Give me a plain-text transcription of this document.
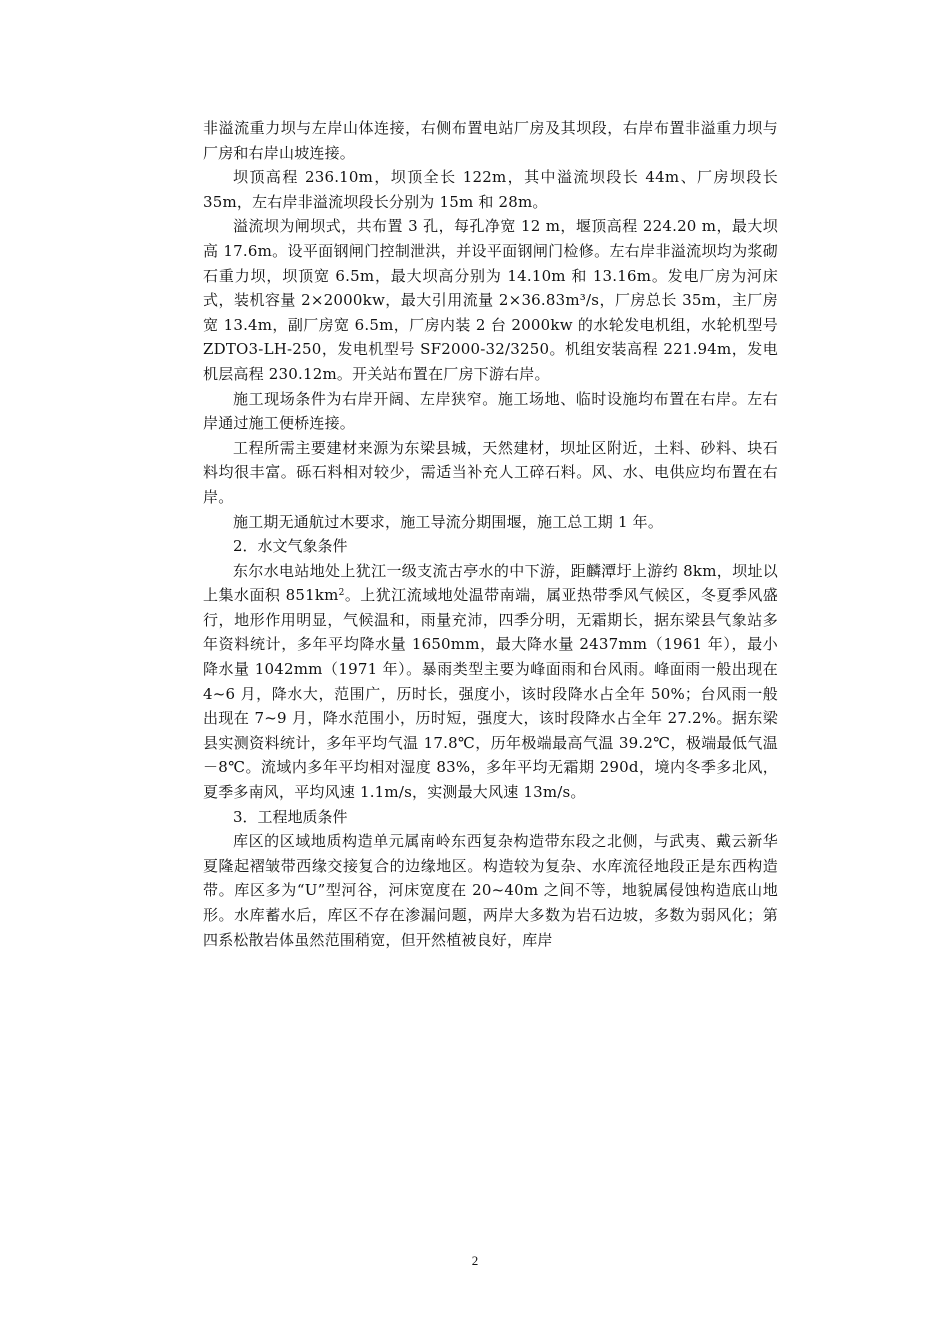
非溢流重力坝与左岸山体连接，右侧布置电站厂房及其坝段，右岸布置非溢重力坝与厂房和右岸山坡连接。

坝顶高程 236.10m，坝顶全长 122m，其中溢流坝段长 44m、厂房坝段长 35m，左右岸非溢流坝段长分别为 15m 和 28m。

溢流坝为闸坝式，共布置 3 孔，每孔净宽 12 m，堰顶高程 224.20 m，最大坝高 17.6m。设平面钢闸门控制泄洪，并设平面钢闸门检修。左右岸非溢流坝均为浆砌石重力坝，坝顶宽 6.5m，最大坝高分别为 14.10m 和 13.16m。发电厂房为河床式，装机容量 2×2000kw，最大引用流量 2×36.83m³/s，厂房总长 35m，主厂房宽 13.4m，副厂房宽 6.5m，厂房内装 2 台 2000kw 的水轮发电机组，水轮机型号 ZDTO3-LH-250，发电机型号 SF2000-32/3250。机组安装高程 221.94m，发电机层高程 230.12m。开关站布置在厂房下游右岸。

施工现场条件为右岸开阔、左岸狭窄。施工场地、临时设施均布置在右岸。左右岸通过施工便桥连接。

工程所需主要建材来源为东梁县城，天然建材，坝址区附近，土料、砂料、块石料均很丰富。砾石料相对较少，需适当补充人工碎石料。风、水、电供应均布置在右岸。

施工期无通航过木要求，施工导流分期围堰，施工总工期 1 年。

2．水文气象条件

东尔水电站地处上犹江一级支流古亭水的中下游，距麟潭圩上游约 8km，坝址以上集水面积 $851km^2$。上犹江流域地处温带南端，属亚热带季风气候区，冬夏季风盛行，地形作用明显，气候温和，雨量充沛，四季分明，无霜期长，据东梁县气象站多年资料统计，多年平均降水量 1650mm，最大降水量 2437mm（1961 年），最小降水量 1042mm（1971 年）。暴雨类型主要为峰面雨和台风雨。峰面雨一般出现在 4~6 月，降水大，范围广，历时长，强度小，该时段降水占全年 50%；台风雨一般出现在 7~9 月，降水范围小，历时短，强度大，该时段降水占全年 27.2%。据东梁县实测资料统计，多年平均气温 17.8℃，历年极端最高气温 39.2℃，极端最低气温－8℃。流域内多年平均相对湿度 83%，多年平均无霜期 290d，境内冬季多北风，夏季多南风，平均风速 1.1m/s，实测最大风速 13m/s。

3．工程地质条件

库区的区域地质构造单元属南岭东西复杂构造带东段之北侧，与武夷、戴云新华夏隆起褶皱带西缘交接复合的边缘地区。构造较为复杂、水库流径地段正是东西构造带。库区多为“U”型河谷，河床宽度在 20~40m 之间不等，地貌属侵蚀构造底山地形。水库蓄水后，库区不存在渗漏问题，两岸大多数为岩石边坡，多数为弱风化；第四系松散岩体虽然范围稍宽，但开然植被良好，库岸

2
